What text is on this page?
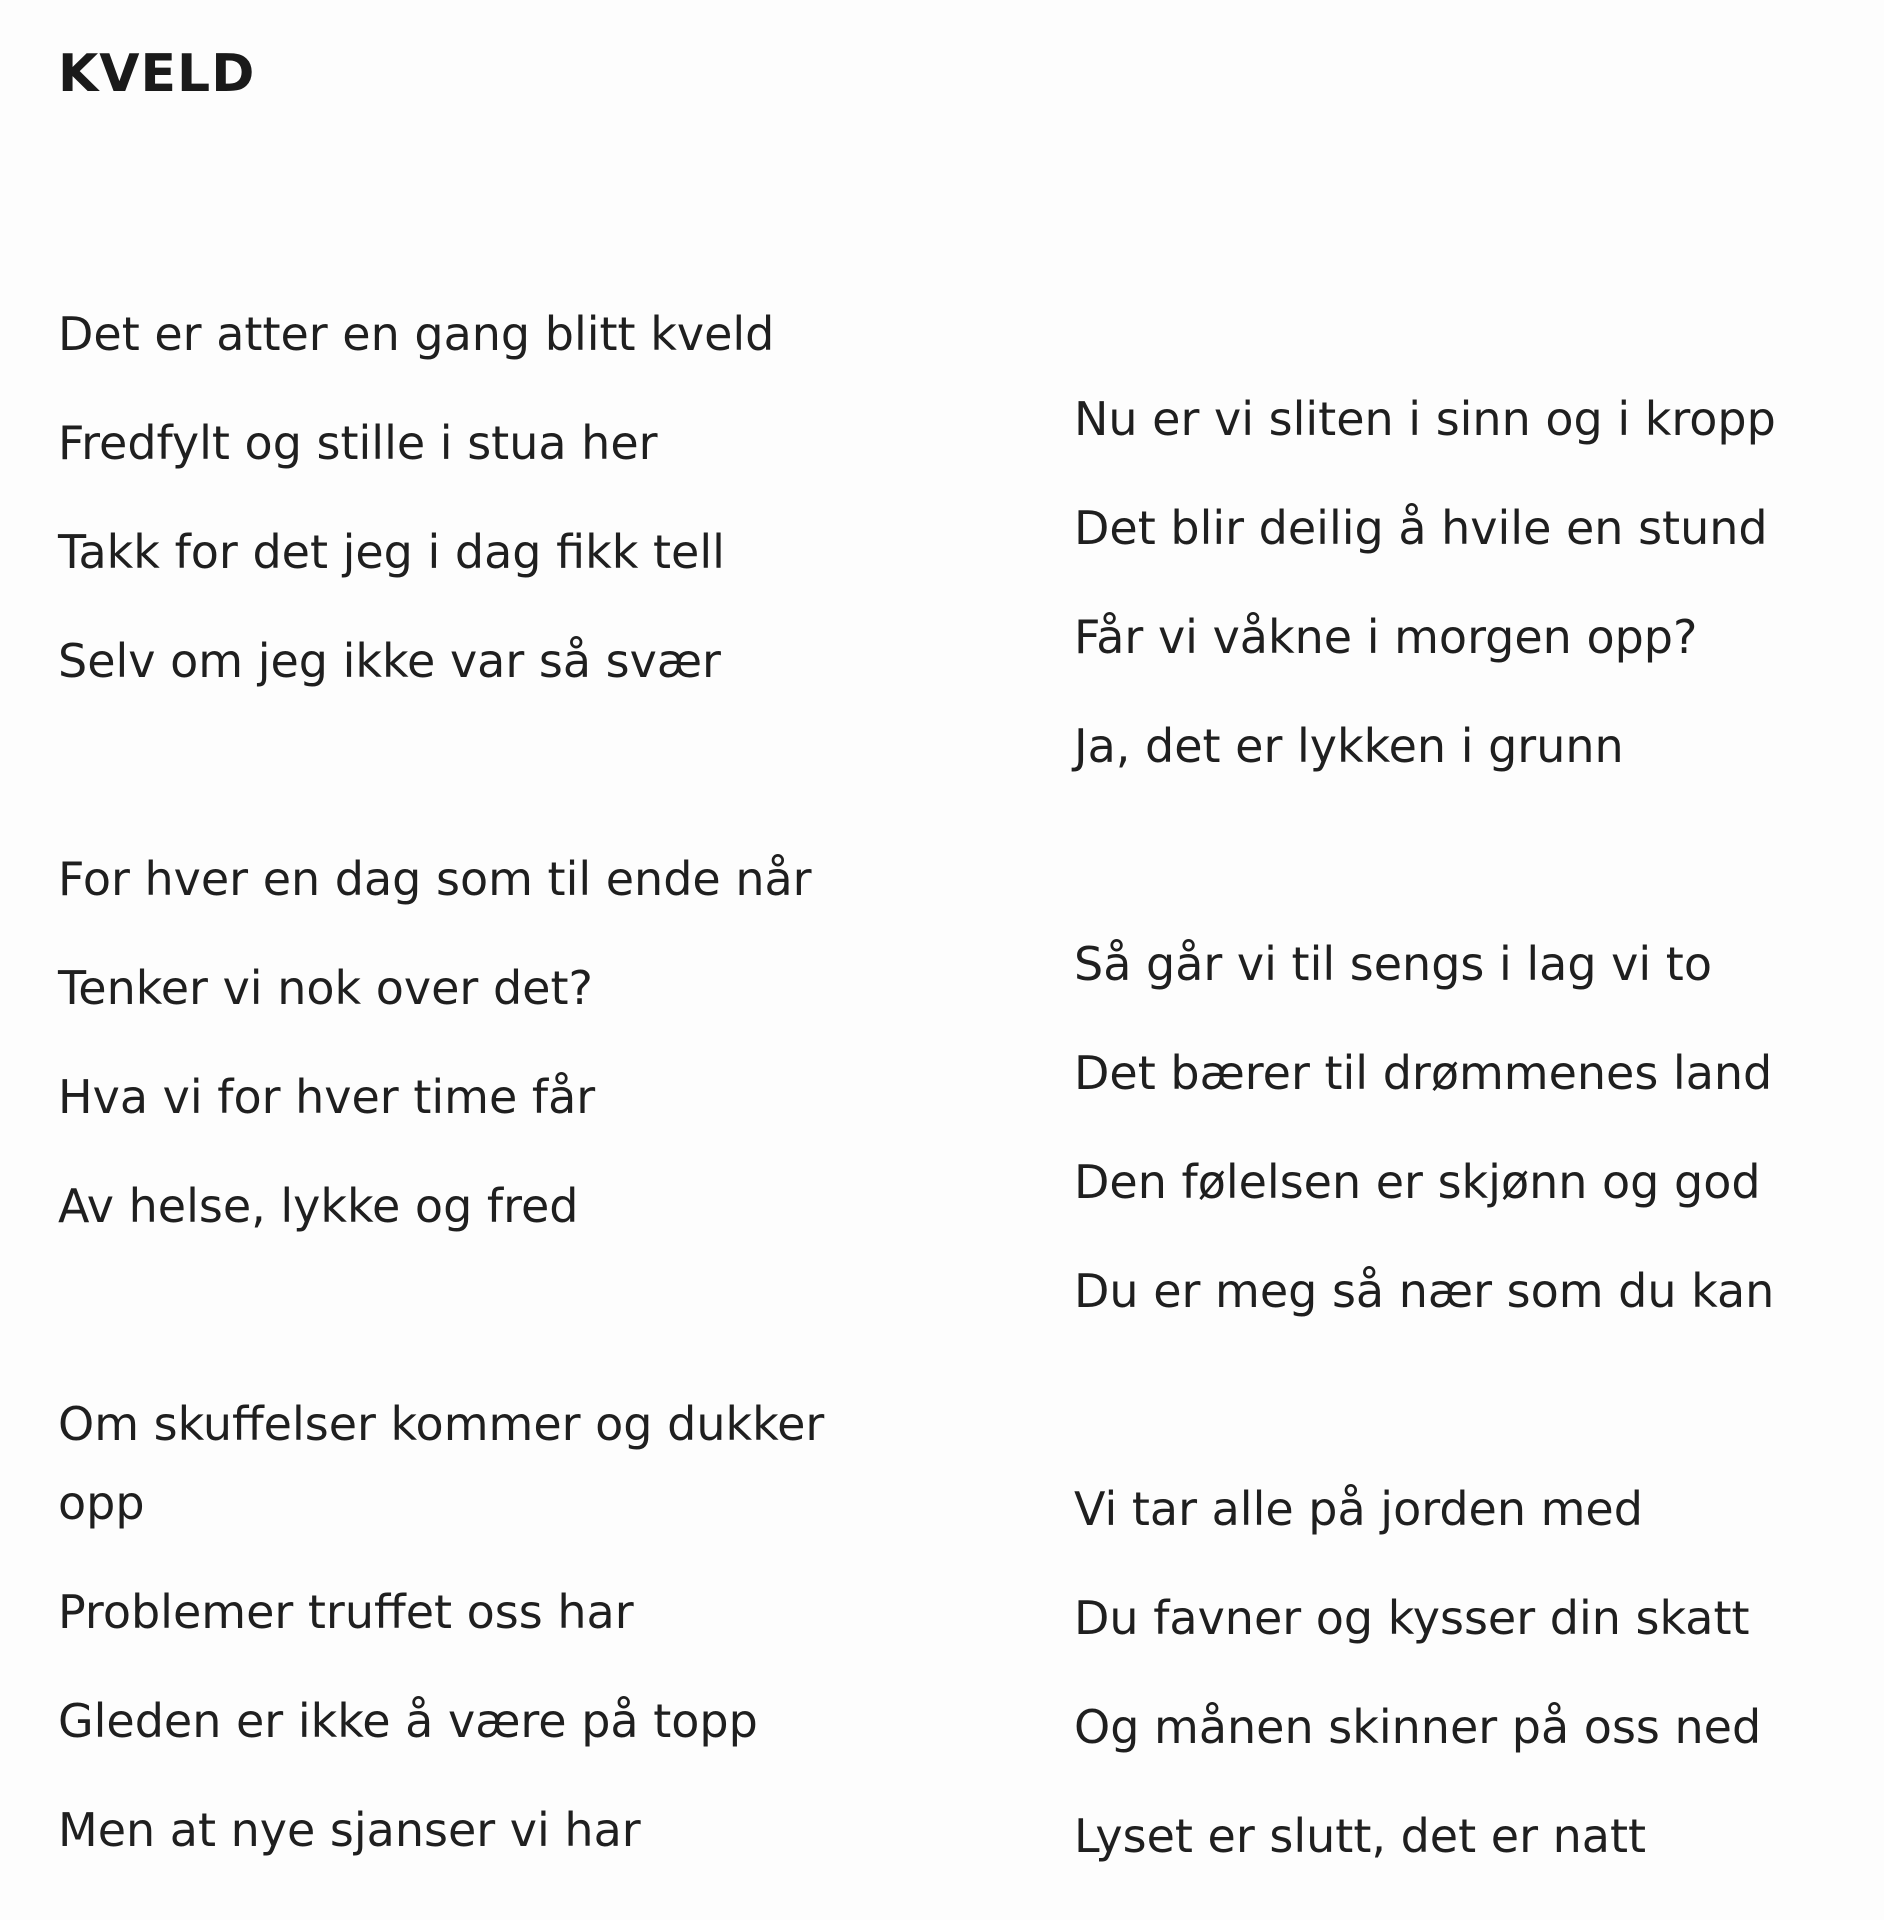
KVELD
Det er atter en gang blitt kveld
Fredfylt og stille i stua her
Takk for det jeg i dag fikk tell
Selv om jeg ikke var så svær
For hver en dag som til ende når
Tenker vi nok over det?
Hva vi for hver time får
Av helse, lykke og fred
Om skuffelser kommer og dukker opp
Problemer truffet oss har
Gleden er ikke å være på topp
Men at nye sjanser vi har
Nu er vi sliten i sinn og i kropp
Det blir deilig å hvile en stund
Får vi våkne i morgen opp?
Ja, det er lykken i grunn
Så går vi til sengs i lag vi to
Det bærer til drømmenes land
Den følelsen er skjønn og god
Du er meg så nær som du kan
Vi tar alle på jorden med
Du favner og kysser din skatt
Og månen skinner på oss ned
Lyset er slutt, det er natt
